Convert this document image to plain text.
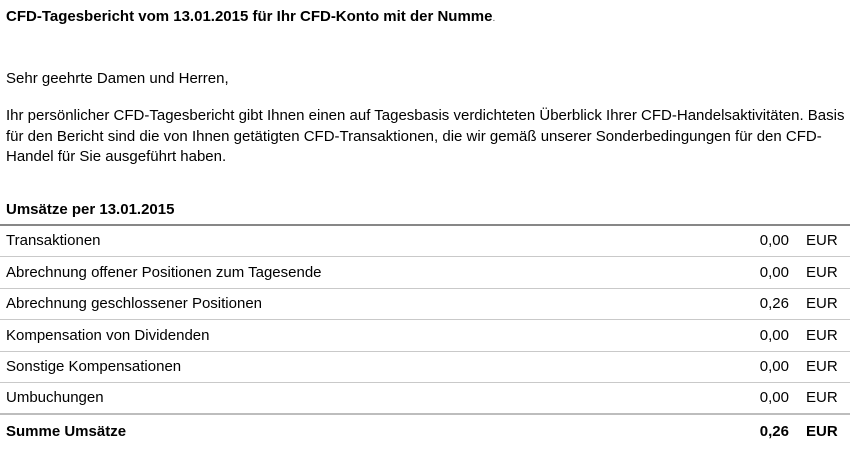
CFD-Tagesbericht vom 13.01.2015 für Ihr CFD-Konto mit der Numme.

Sehr geehrte Damen und Herren,

Ihr persönlicher CFD-Tagesbericht gibt Ihnen einen auf Tagesbasis verdichteten Überblick Ihrer CFD-Handelsaktivitäten. Basis für den Bericht sind die von Ihnen getätigten CFD-Transaktionen, die wir gemäß unserer Sonderbedingungen für den CFD-Handel für Sie ausgeführt haben.

Umsätze per 13.01.2015
Transaktionen	0,00 EUR
Abrechnung offener Positionen zum Tagesende	0,00 EUR
Abrechnung geschlossener Positionen	0,26 EUR
Kompensation von Dividenden	0,00 EUR
Sonstige Kompensationen	0,00 EUR
Umbuchungen	0,00 EUR
Summe Umsätze	0,26 EUR
